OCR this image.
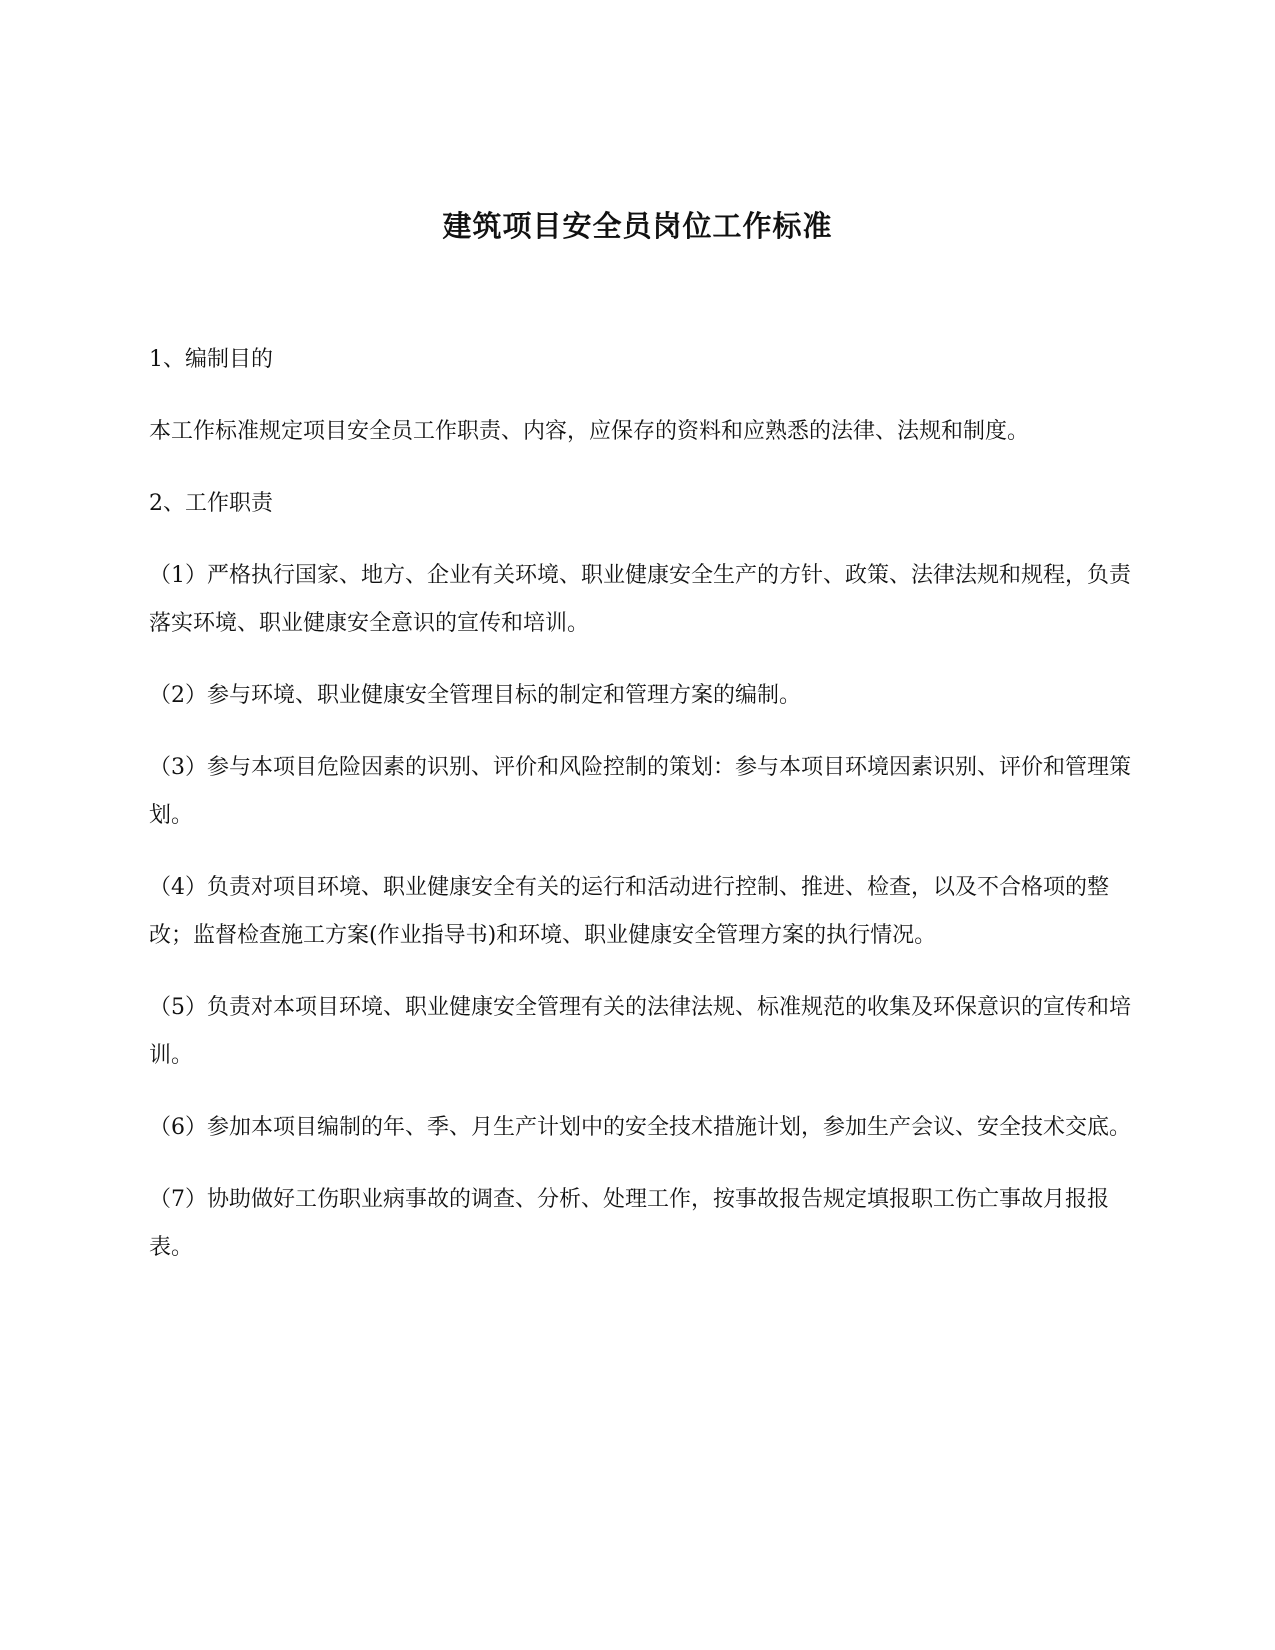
建筑项目安全员岗位工作标准

1、编制目的

本工作标准规定项目安全员工作职责、内容，应保存的资料和应熟悉的法律、法规和制度。

2、工作职责

（1）严格执行国家、地方、企业有关环境、职业健康安全生产的方针、政策、法律法规和规程，负责落实环境、职业健康安全意识的宣传和培训。

（2）参与环境、职业健康安全管理目标的制定和管理方案的编制。

（3）参与本项目危险因素的识别、评价和风险控制的策划：参与本项目环境因素识别、评价和管理策划。

（4）负责对项目环境、职业健康安全有关的运行和活动进行控制、推进、检查，以及不合格项的整改；监督检查施工方案(作业指导书)和环境、职业健康安全管理方案的执行情况。

（5）负责对本项目环境、职业健康安全管理有关的法律法规、标准规范的收集及环保意识的宣传和培训。

（6）参加本项目编制的年、季、月生产计划中的安全技术措施计划，参加生产会议、安全技术交底。

（7）协助做好工伤职业病事故的调查、分析、处理工作，按事故报告规定填报职工伤亡事故月报报表。
